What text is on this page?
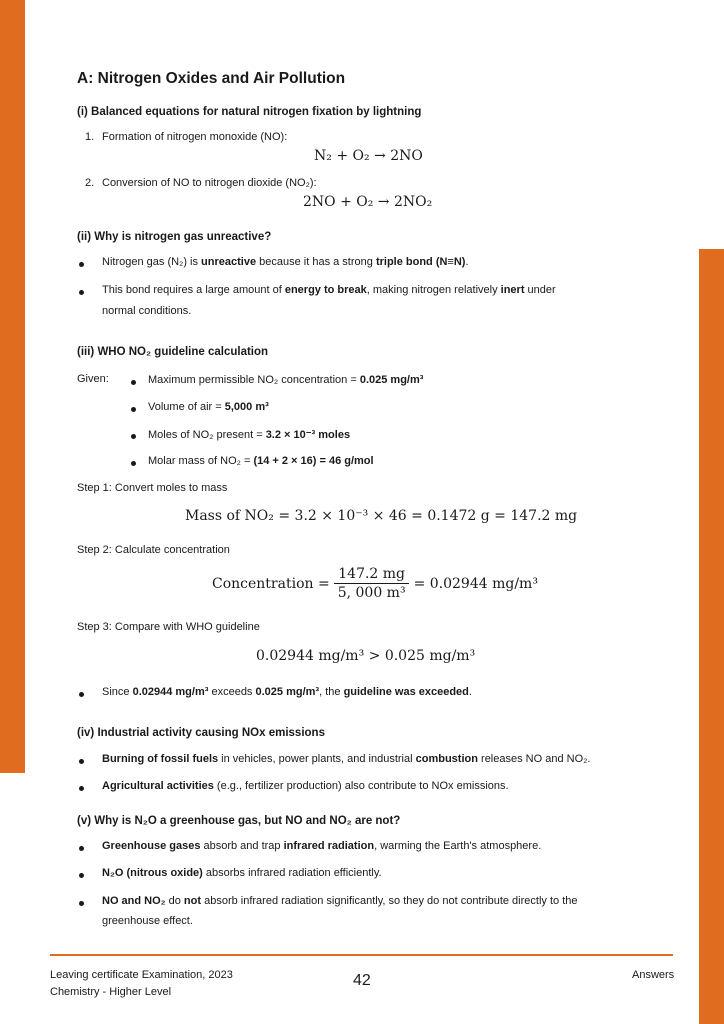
A: Nitrogen Oxides and Air Pollution
(i) Balanced equations for natural nitrogen fixation by lightning
1. Formation of nitrogen monoxide (NO):
N₂ + O₂ → 2NO
2. Conversion of NO to nitrogen dioxide (NO₂):
2NO + O₂ → 2NO₂
(ii) Why is nitrogen gas unreactive?
Nitrogen gas (N₂) is unreactive because it has a strong triple bond (N≡N).
This bond requires a large amount of energy to break, making nitrogen relatively inert under
normal conditions.
(iii) WHO NO₂ guideline calculation
Given:	Maximum permissible NO₂ concentration = 0.025 mg/m³
Volume of air = 5,000 m³
Moles of NO₂ present = 3.2 × 10⁻³ moles
Molar mass of NO₂ = (14 + 2 × 16) = 46 g/mol
Step 1: Convert moles to mass
Mass of NO₂ = 3.2 × 10⁻³ × 46 = 0.1472 g = 147.2 mg
Step 2: Calculate concentration
Concentration = $\frac{147.2 mg}{\text{5, 000 m³}} = 0.02944$ mg/m³
Step 3: Compare with WHO guideline
0.02944 mg/m³ > 0.025 mg/m³
Since 0.02944 mg/m³ exceeds 0.025 mg/m³, the guideline was exceeded.
(iv) Industrial activity causing NOx emissions
Burning of fossil fuels in vehicles, power plants, and industrial combustion releases NO and NO₂.
Agricultural activities (e.g., fertilizer production) also contribute to NOx emissions.
(v) Why is N₂O a greenhouse gas, but NO and NO₂ are not?
Greenhouse gases absorb and trap infrared radiation, warming the Earth's atmosphere.
N₂O (nitrous oxide) absorbs infrared radiation efficiently.
NO and NO₂ do not absorb infrared radiation significantly, so they do not contribute directly to the
greenhouse effect.
Leaving certificate Examination, 2023
Chemistry - Higher Level
42	Answers
